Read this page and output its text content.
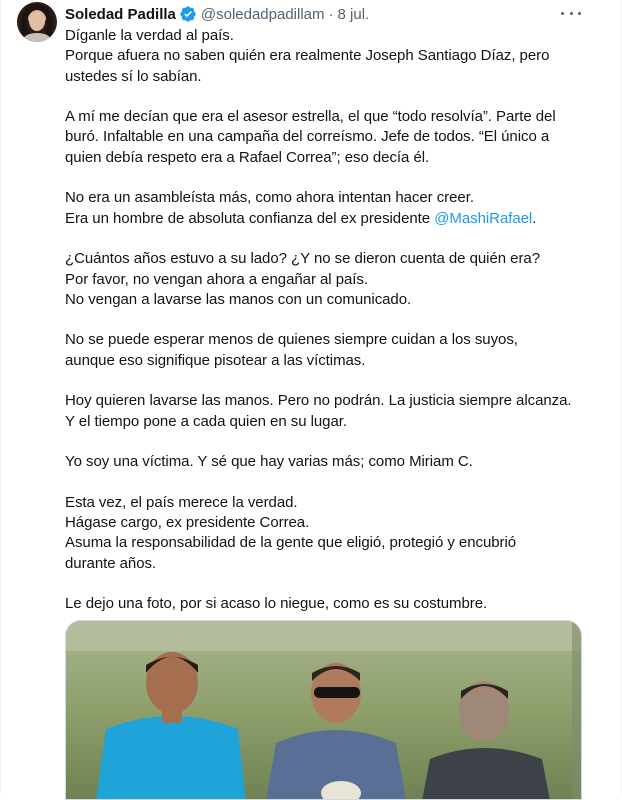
Soledad Padilla @soledadpadillam · 8 jul.

Díganle la verdad al país.
Porque afuera no saben quién era realmente Joseph Santiago Díaz, pero
ustedes sí lo sabían.

A mí me decían que era el asesor estrella, el que “todo resolvía”. Parte del
buró. Infaltable en una campaña del correísmo. Jefe de todos. “El único a
quien debía respeto era a Rafael Correa”; eso decía él.

No era un asambleísta más, como ahora intentan hacer creer.
Era un hombre de absoluta confianza del ex presidente @MashiRafael.

¿Cuántos años estuvo a su lado? ¿Y no se dieron cuenta de quién era?
Por favor, no vengan ahora a engañar al país.
No vengan a lavarse las manos con un comunicado.

No se puede esperar menos de quienes siempre cuidan a los suyos,
aunque eso signifique pisotear a las víctimas.

Hoy quieren lavarse las manos. Pero no podrán. La justicia siempre alcanza.
Y el tiempo pone a cada quien en su lugar.

Yo soy una víctima. Y sé que hay varias más; como Miriam C.

Esta vez, el país merece la verdad.
Hágase cargo, ex presidente Correa.
Asuma la responsabilidad de la gente que eligió, protegió y encubrió
durante años.

Le dejo una foto, por si acaso lo niegue, como es su costumbre.
